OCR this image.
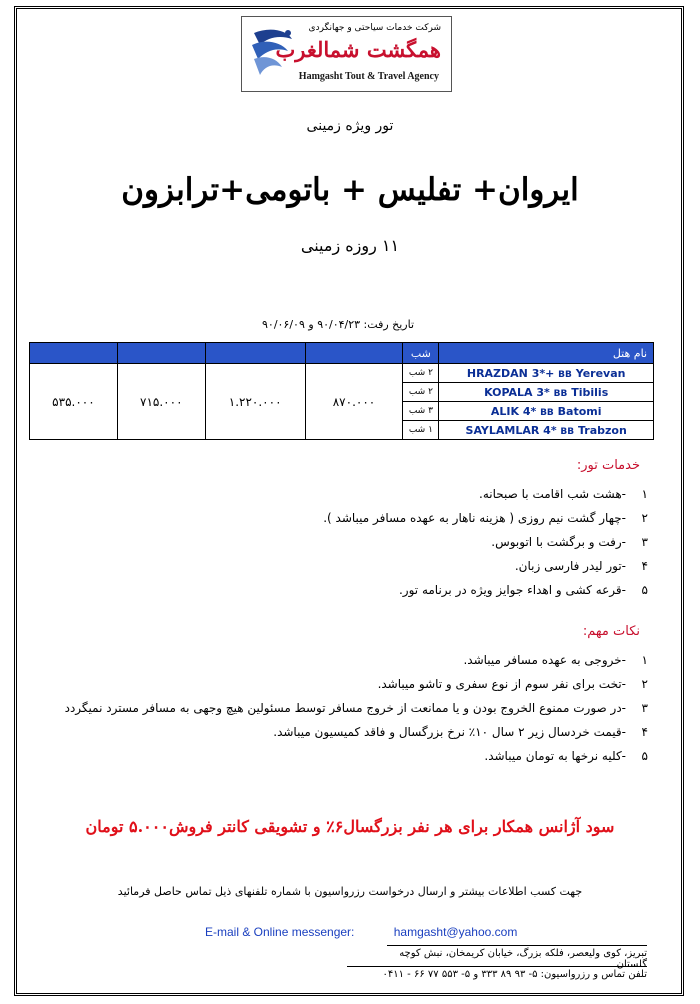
شرکت خدمات سیاحتی و جهانگردی
همگشت شمالغرب
Hamgasht Tout & Travel Agency
تور ویژه زمینی
ایروان+ تفلیس + باتومی+ترابزون
۱۱ روزه زمینی
تاریخ رفت: ۹۰/۰۴/۲۳ و ۹۰/۰۶/۰۹
				شب	نام هتل
۵۳۵.۰۰۰	۷۱۵.۰۰۰	۱.۲۲۰.۰۰۰	۸۷۰.۰۰۰	۲ شب	HRAZDAN 3*+ BB Yerevan
				۲ شب	KOPALA 3* BB Tibilis
				۳ شب	ALIK 4* BB Batomi
				۱ شب	SAYLAMLAR 4* BB Trabzon
خدمات تور:
۱-هشت شب اقامت با صبحانه.
۲-چهار گشت نیم روزی ( هزینه ناهار به عهده مسافر میباشد ).
۳-رفت و برگشت با اتوبوس.
۴-تور لیدر فارسی زبان.
۵-قرعه کشی و اهداء جوایز ویژه در برنامه تور.
نکات مهم:
۱-خروجی به عهده مسافر میباشد.
۲-تخت برای نفر سوم از نوع سفری و تاشو میباشد.
۳-در صورت ممنوع الخروج بودن و یا ممانعت از خروج مسافر توسط مسئولین هیچ وجهی به مسافر مسترد نمیگردد
۴-قیمت خردسال زیر ۲ سال ۱۰٪ نرخ بزرگسال و فاقد کمیسیون میباشد.
۵-کلیه نرخها به تومان میباشد.
سود آژانس همکار برای هر نفر بزرگسال۶٪ و تشویقی کانتر فروش۵.۰۰۰ تومان
جهت کسب اطلاعات بیشتر و ارسال درخواست رزرواسیون با شماره تلفنهای ذیل تماس حاصل فرمائید
E-mail & Online messenger:	hamgasht@yahoo.com
تبریز، کوی ولیعصر، فلکه بزرگ، خیابان کریمخان، نبش کوچه گلستان
تلفن تماس و رزرواسیون: ۵- ۹۳ ۸۹ ۳۳۳ و ۵- ۵۵۳ ۷۷ ۶۶ - ۰۴۱۱
